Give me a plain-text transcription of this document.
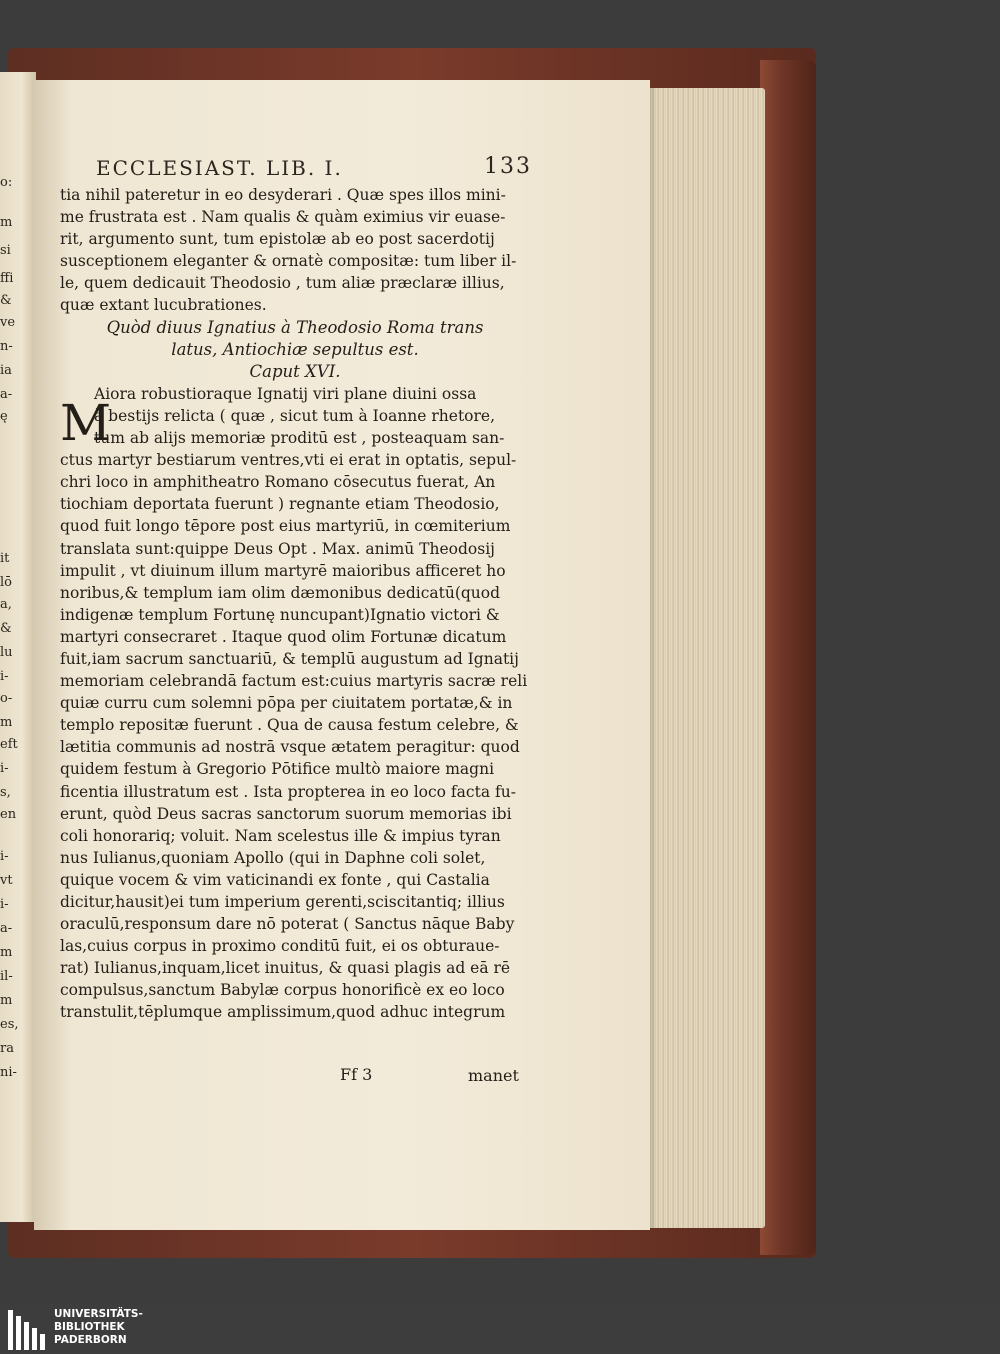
o:
m
si
ffi
&
ve
n-
ia
a-
ę
it
lō
a,
&
lu
i-
o-
m
eft
i-
s,
en
i-
vt
i-
a-
m
il-
m
es,
ra
ni-
ECCLESIAST. LIB. I.	133
tia nihil pateretur in eo desyderari . Quæ spes illos mini-
me frustrata est . Nam qualis & quàm eximius vir euase-
rit, argumento sunt, tum epistolæ ab eo post sacerdotij
susceptionem eleganter & ornatè compositæ: tum liber il-
le, quem dedicauit Theodosio , tum aliæ præclaræ illius,
quæ extant lucubrationes.
Quòd diuus Ignatius à Theodosio Roma trans
latus, Antiochiæ sepultus est.
Caput XVI.
Aiora robustioraque Ignatij viri plane diuini ossa
à bestijs relicta ( quæ , sicut tum à Ioanne rhetore,
tum ab alijs memoriæ proditū est , posteaquam san-
ctus martyr bestiarum ventres,vti ei erat in optatis, sepul-
chri loco in amphitheatro Romano cōsecutus fuerat, An
tiochiam deportata fuerunt ) regnante etiam Theodosio,
quod fuit longo tēpore post eius martyriū, in cœmiterium
translata sunt:quippe Deus Opt . Max. animū Theodosij
impulit , vt diuinum illum martyrē maioribus afficeret ho
noribus,& templum iam olim dæmonibus dedicatū(quod
indigenæ templum Fortunę nuncupant)Ignatio victori &
martyri consecraret . Itaque quod olim Fortunæ dicatum
fuit,iam sacrum sanctuariū, & templū augustum ad Ignatij
memoriam celebrandā factum est:cuius martyris sacræ reli
quiæ curru cum solemni pōpa per ciuitatem portatæ,& in
templo repositæ fuerunt . Qua de causa festum celebre, &
lætitia communis ad nostrā vsque ætatem peragitur: quod
quidem festum à Gregorio Pōtifice multò maiore magni
ficentia illustratum est . Ista propterea in eo loco facta fu-
erunt, quòd Deus sacras sanctorum suorum memorias ibi
coli honorariq; voluit. Nam scelestus ille & impius tyran
nus Iulianus,quoniam Apollo (qui in Daphne coli solet,
quique vocem & vim vaticinandi ex fonte , qui Castalia
dicitur,hausit)ei tum imperium gerenti,sciscitantiq; illius
oraculū,responsum dare nō poterat ( Sanctus nāque Baby
las,cuius corpus in proximo conditū fuit, ei os obturaue-
rat) Iulianus,inquam,licet inuitus, & quasi plagis ad eā rē
compulsus,sanctum Babylæ corpus honorificè ex eo loco
transtulit,tēplumque amplissimum,quod adhuc integrum
M
Ff 3	manet
UNIVERSITÄTS-
BIBLIOTHEK
PADERBORN
